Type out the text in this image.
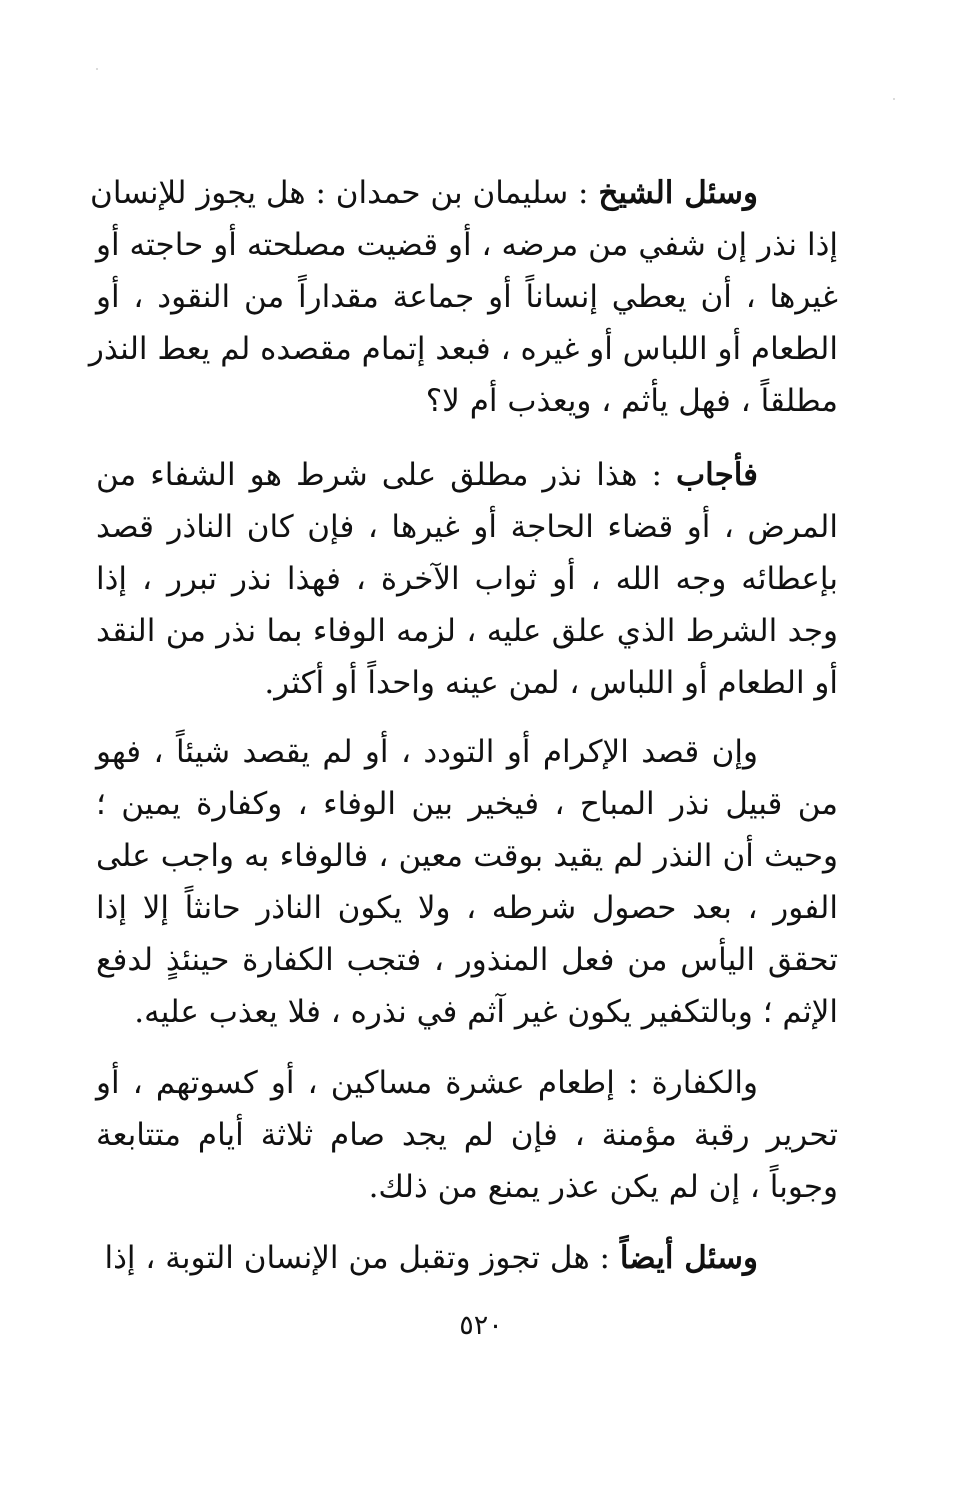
وسئل الشيخ : سليمان بن حمدان : هل يجوز للإنسان
إذا نذر إن شفي من مرضه ، أو قضيت مصلحته أو حاجته أو
غيرها ، أن يعطي إنساناً أو جماعة مقداراً من النقود ، أو
الطعام أو اللباس أو غيره ، فبعد إتمام مقصده لم يعط النذر
مطلقاً ، فهل يأثم ، ويعذب أم لا؟
فأجاب : هذا نذر مطلق على شرط هو الشفاء من
المرض ، أو قضاء الحاجة أو غيرها ، فإن كان الناذر قصد
بإعطائه وجه الله ، أو ثواب الآخرة ، فهذا نذر تبرر ، إذا
وجد الشرط الذي علق عليه ، لزمه الوفاء بما نذر من النقد
أو الطعام أو اللباس ، لمن عينه واحداً أو أكثر.
وإن قصد الإكرام أو التودد ، أو لم يقصد شيئاً ، فهو
من قبيل نذر المباح ، فيخير بين الوفاء ، وكفارة يمين ؛
وحيث أن النذر لم يقيد بوقت معين ، فالوفاء به واجب على
الفور ، بعد حصول شرطه ، ولا يكون الناذر حانثاً إلا إذا
تحقق اليأس من فعل المنذور ، فتجب الكفارة حينئذٍ لدفع
الإثم ؛ وبالتكفير يكون غير آثم في نذره ، فلا يعذب عليه.
والكفارة : إطعام عشرة مساكين ، أو كسوتهم ، أو
تحرير رقبة مؤمنة ، فإن لم يجد صام ثلاثة أيام متتابعة
وجوباً ، إن لم يكن عذر يمنع من ذلك.
وسئل أيضاً : هل تجوز وتقبل من الإنسان التوبة ، إذا
٥٢٠
